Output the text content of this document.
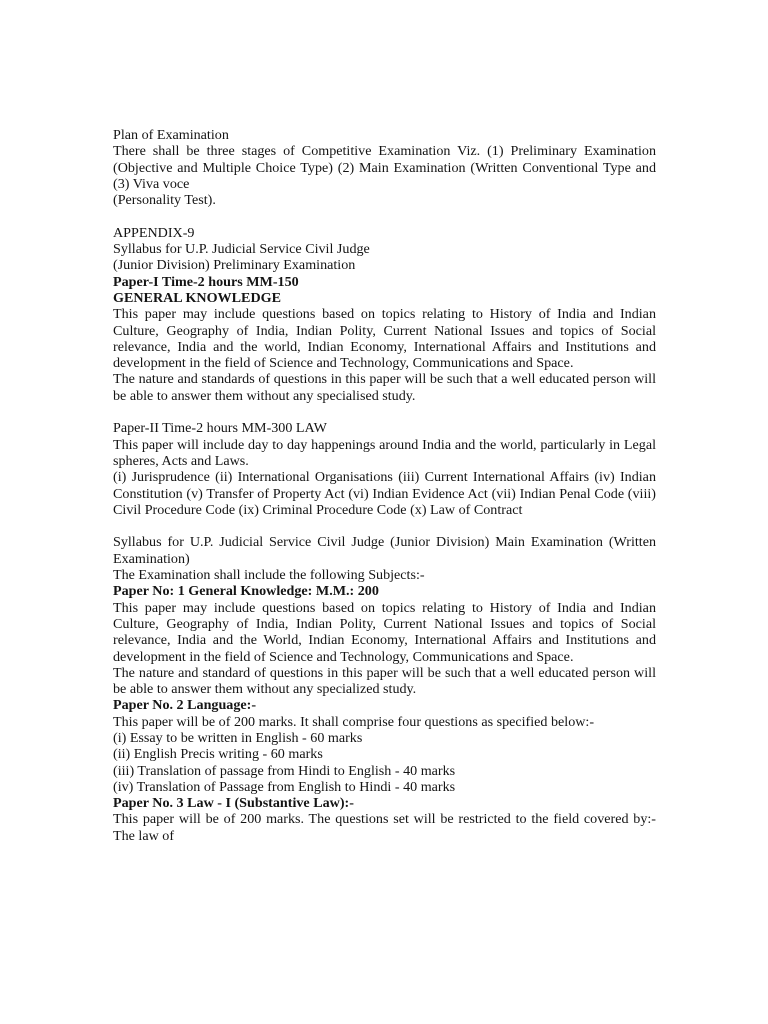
Plan of Examination

There shall be three stages of Competitive Examination Viz. (1) Preliminary Examination (Objective and Multiple Choice Type) (2) Main Examination (Written Conventional Type and (3) Viva voce

(Personality Test).

APPENDIX-9

Syllabus for U.P. Judicial Service Civil Judge

(Junior Division) Preliminary Examination

Paper-I Time-2 hours MM-150

GENERAL KNOWLEDGE

This paper may include questions based on topics relating to History of India and Indian Culture, Geography of India, Indian Polity, Current National Issues and topics of Social relevance, India and the world, Indian Economy, International Affairs and Institutions and development in the field of Science and Technology, Communications and Space.

The nature and standards of questions in this paper will be such that a well educated person will be able to answer them without any specialised study.

Paper-II Time-2 hours MM-300 LAW

This paper will include day to day happenings around India and the world, particularly in Legal spheres, Acts and Laws.

(i) Jurisprudence (ii) International Organisations (iii) Current International Affairs (iv) Indian Constitution (v) Transfer of Property Act (vi) Indian Evidence Act (vii) Indian Penal Code (viii) Civil Procedure Code (ix) Criminal Procedure Code (x) Law of Contract

Syllabus for U.P. Judicial Service Civil Judge (Junior Division) Main Examination (Written Examination)

The Examination shall include the following Subjects:-

Paper No: 1 General Knowledge: M.M.: 200

This paper may include questions based on topics relating to History of India and Indian Culture, Geography of India, Indian Polity, Current National Issues and topics of Social relevance, India and the World, Indian Economy, International Affairs and Institutions and development in the field of Science and Technology, Communications and Space.

The nature and standard of questions in this paper will be such that a well educated person will be able to answer them without any specialized study.

Paper No. 2 Language:-

This paper will be of 200 marks. It shall comprise four questions as specified below:-

(i) Essay to be written in English - 60 marks

(ii) English Precis writing - 60 marks

(iii) Translation of passage from Hindi to English - 40 marks

(iv) Translation of Passage from English to Hindi - 40 marks

Paper No. 3 Law - I (Substantive Law):-

This paper will be of 200 marks. The questions set will be restricted to the field covered by:- The law of
